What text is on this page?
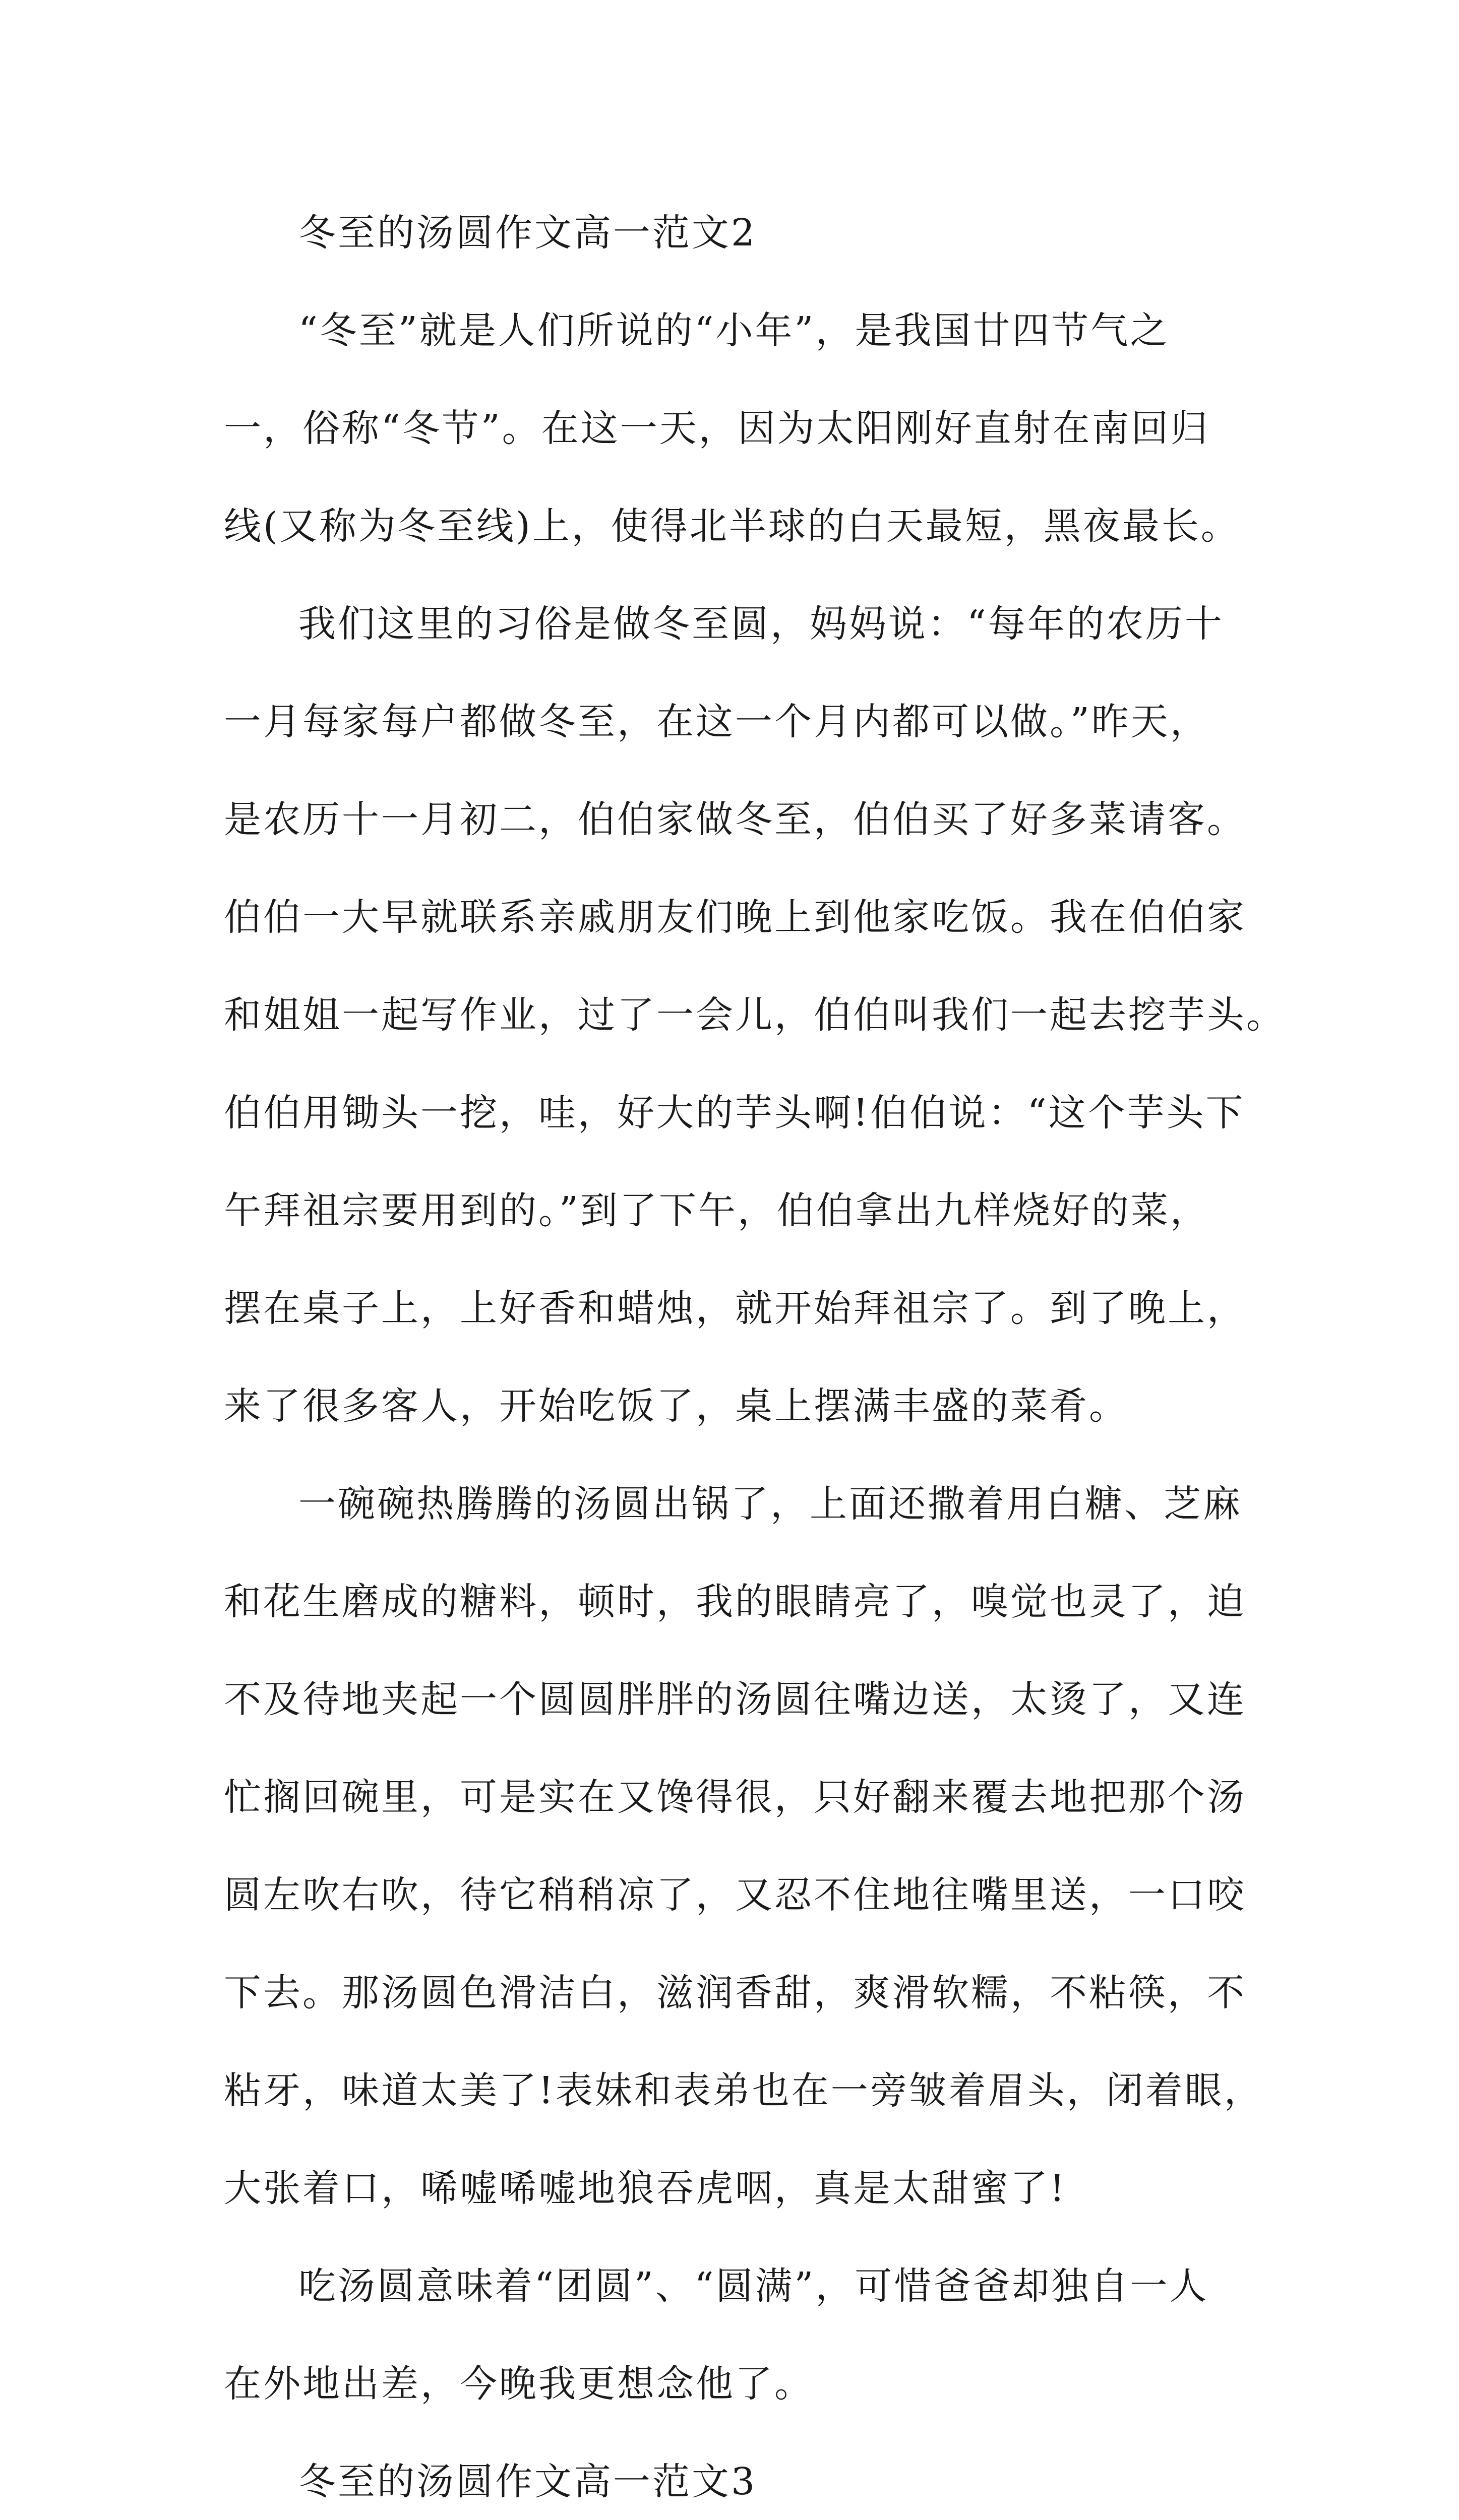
冬至的汤圆作文高一范文2
“冬至”就是人们所说的“小年”，是我国廿四节气之
一，俗称“冬节”。在这一天，因为太阳刚好直射在南回归
线(又称为冬至线)上，使得北半球的白天最短，黑夜最长。
我们这里的习俗是做冬至圆，妈妈说：“每年的农历十
一月每家每户都做冬至，在这一个月内都可以做。”昨天，
是农历十一月初二，伯伯家做冬至，伯伯买了好多菜请客。
伯伯一大早就联系亲戚朋友们晚上到他家吃饭。我在伯伯家
和姐姐一起写作业，过了一会儿，伯伯叫我们一起去挖芋头。
伯伯用锄头一挖，哇，好大的芋头啊!伯伯说：“这个芋头下
午拜祖宗要用到的。”到了下午，伯伯拿出九样烧好的菜，
摆在桌子上，上好香和蜡烛，就开始拜祖宗了。到了晚上，
来了很多客人，开始吃饭了，桌上摆满丰盛的菜肴。
一碗碗热腾腾的汤圆出锅了，上面还撒着用白糖、芝麻
和花生磨成的糖料，顿时，我的眼睛亮了，嗅觉也灵了，迫
不及待地夹起一个圆圆胖胖的汤圆往嘴边送，太烫了，又连
忙搁回碗里，可是实在又馋得很，只好翻来覆去地把那个汤
圆左吹右吹，待它稍稍凉了，又忍不住地往嘴里送，一口咬
下去。那汤圆色滑洁白，滋润香甜，爽滑软糯，不粘筷，不
粘牙，味道太美了!表妹和表弟也在一旁皱着眉头，闭着眼，
大张着口，唏嘘唏嘘地狼吞虎咽，真是太甜蜜了!
吃汤圆意味着“团圆”、“圆满”，可惜爸爸却独自一人
在外地出差，今晚我更想念他了。
冬至的汤圆作文高一范文3
